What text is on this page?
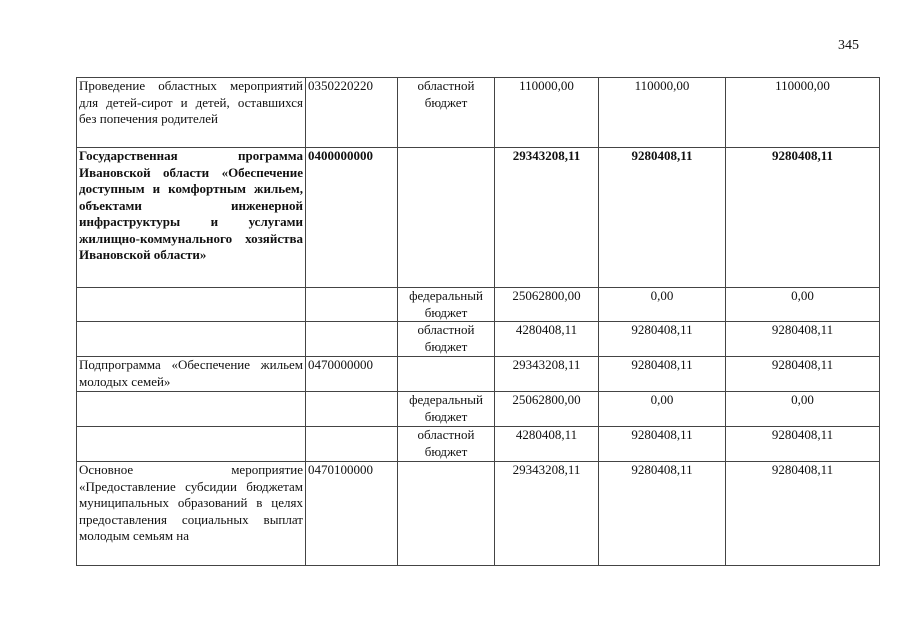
345
Проведение областных мероприятий для детей-сирот и детей, оставшихся без попечения родителей	0350220220	областной бюджет	110000,00	110000,00	110000,00
Государственная программа Ивановской области «Обеспечение доступным и комфортным жильем, объектами инженерной инфраструктуры и услугами жилищно-коммунального хозяйства Ивановской области»	0400000000		29343208,11	9280408,11	9280408,11
		федеральный бюджет	25062800,00	0,00	0,00
		областной бюджет	4280408,11	9280408,11	9280408,11
Подпрограмма «Обеспечение жильем молодых семей»	0470000000		29343208,11	9280408,11	9280408,11
		федеральный бюджет	25062800,00	0,00	0,00
		областной бюджет	4280408,11	9280408,11	9280408,11
Основное мероприятие «Предоставление субсидии бюджетам муниципальных образований в целях предоставления социальных выплат молодым семьям на	0470100000		29343208,11	9280408,11	9280408,11
